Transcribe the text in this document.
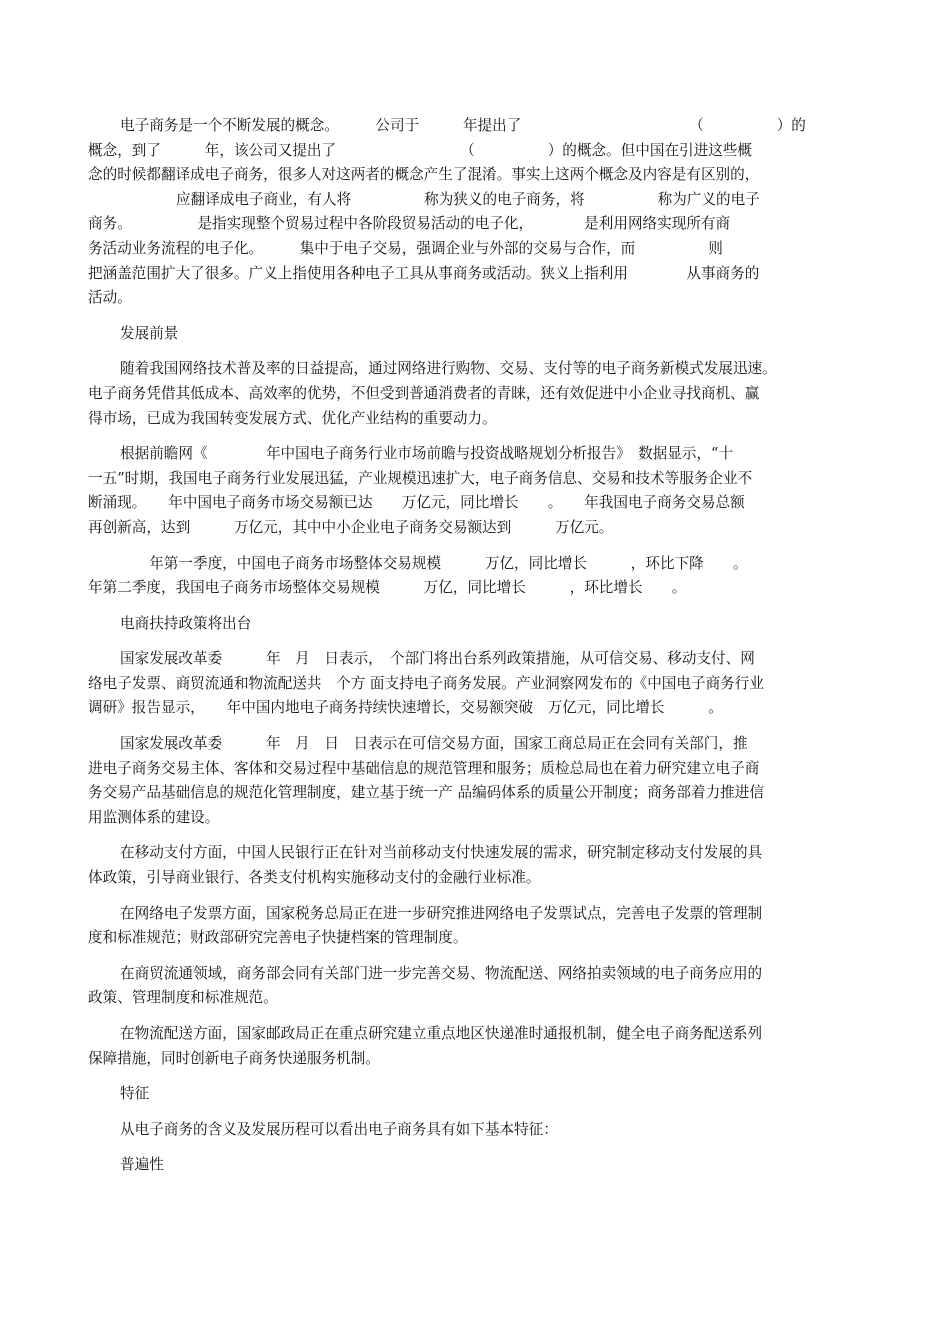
电子商务是一个不断发展的概念。　　　公司于　　　年提出了　　　　　　　　　　　　（　　　　　）的
概念，到了　　　年，该公司又提出了　　　　　　　　　（　　　　　）的概念。但中国在引进这些概
念的时候都翻译成电子商务，很多人对这两者的概念产生了混淆。事实上这两个概念及内容是有区别的，
应翻译成电子商业，有人将　　　　　称为狭义的电子商务，将　　　　　称为广义的电子
商务。　　　　　是指实现整个贸易过程中各阶段贸易活动的电子化，　　　　是利用网络实现所有商
务活动业务流程的电子化。　　　集中于电子交易，强调企业与外部的交易与合作，而　　　　　则
把涵盖范围扩大了很多。广义上指使用各种电子工具从事商务或活动。狭义上指利用　　　　从事商务的
活动。
发展前景
随着我国网络技术普及率的日益提高，通过网络进行购物、交易、支付等的电子商务新模式发展迅速。
电子商务凭借其低成本、高效率的优势，不但受到普通消费者的青睐，还有效促进中小企业寻找商机、赢
得市场，已成为我国转变发展方式、优化产业结构的重要动力。
根据前瞻网《　　　　年中国电子商务行业市场前瞻与投资战略规划分析报告》　数据显示，“十
一五”时期，我国电子商务行业发展迅猛，产业规模迅速扩大，电子商务信息、交易和技术等服务企业不
断涌现。　　年中国电子商务市场交易额已达　　万亿元，同比增长　　。　　年我国电子商务交易总额
再创新高，达到　　　万亿元，其中中小企业电子商务交易额达到　　　万亿元。
　　年第一季度，中国电子商务市场整体交易规模　　　万亿，同比增长　　　，环比下降　　。
年第二季度，我国电子商务市场整体交易规模　　　万亿，同比增长　　　，环比增长　　。
电商扶持政策将出台
国家发展改革委　　　年　月　日表示，　个部门将出台系列政策措施，从可信交易、移动支付、网
络电子发票、商贸流通和物流配送共　个方 面支持电子商务发展。产业洞察网发布的《中国电子商务行业
调研》报告显示，　　年中国内地电子商务持续快速增长，交易额突破　万亿元，同比增长　　　。
国家发展改革委　　　年　月　日　日表示在可信交易方面，国家工商总局正在会同有关部门，推
进电子商务交易主体、客体和交易过程中基础信息的规范管理和服务；质检总局也在着力研究建立电子商
务交易产品基础信息的规范化管理制度，建立基于统一产 品编码体系的质量公开制度；商务部着力推进信
用监测体系的建设。
在移动支付方面，中国人民银行正在针对当前移动支付快速发展的需求，研究制定移动支付发展的具
体政策，引导商业银行、各类支付机构实施移动支付的金融行业标准。
在网络电子发票方面，国家税务总局正在进一步研究推进网络电子发票试点，完善电子发票的管理制
度和标准规范；财政部研究完善电子快捷档案的管理制度。
在商贸流通领域，商务部会同有关部门进一步完善交易、物流配送、网络拍卖领域的电子商务应用的
政策、管理制度和标准规范。
在物流配送方面，国家邮政局正在重点研究建立重点地区快递准时通报机制，健全电子商务配送系列
保障措施，同时创新电子商务快递服务机制。
特征
从电子商务的含义及发展历程可以看出电子商务具有如下基本特征：
普遍性
